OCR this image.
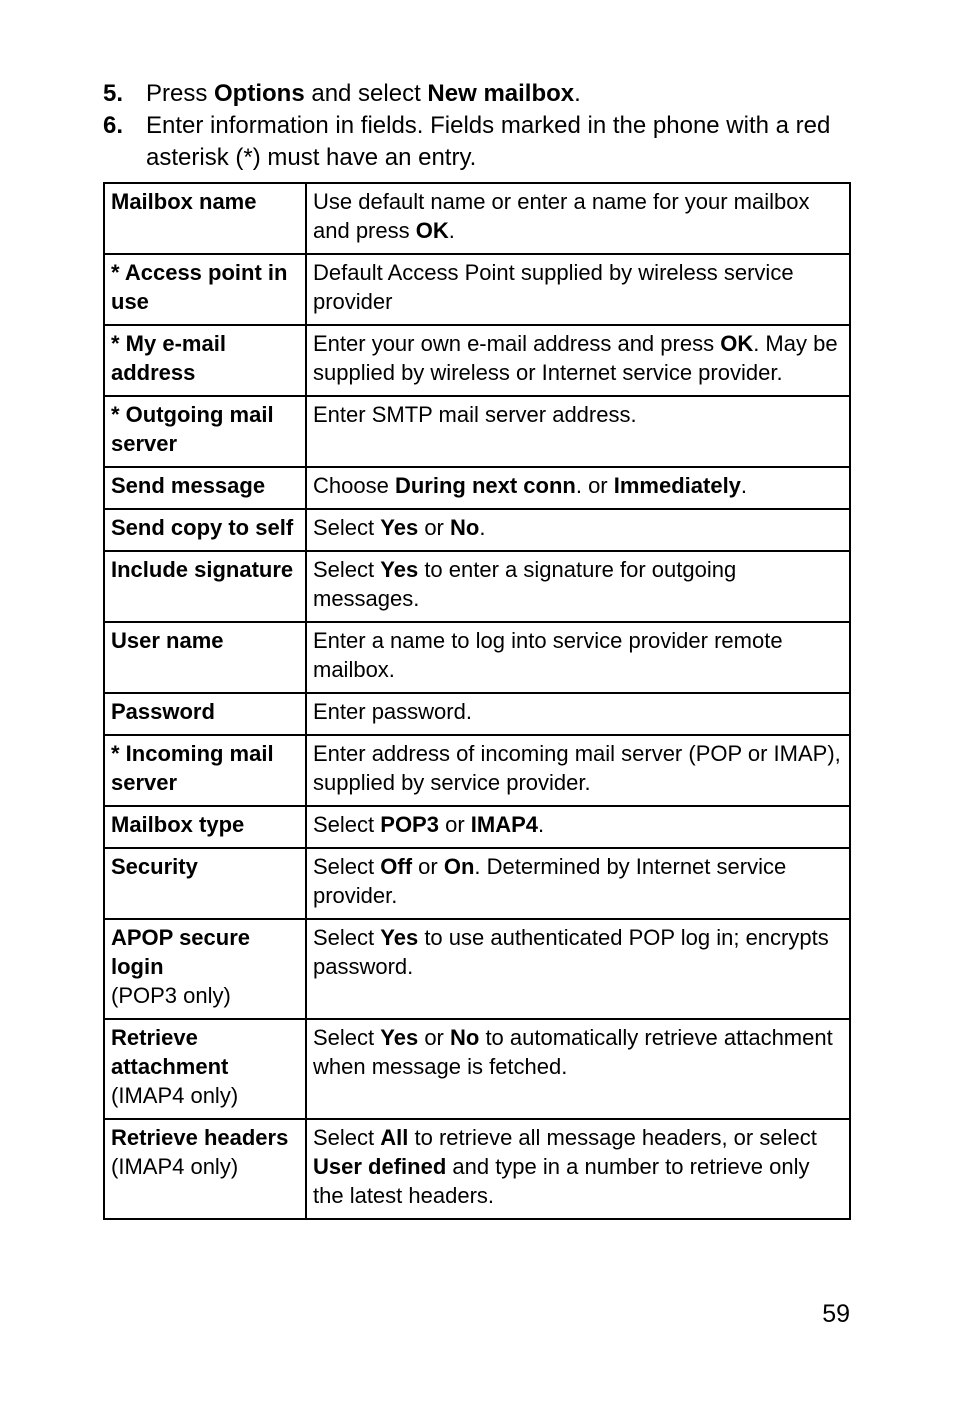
5. Press Options and select New mailbox.
6. Enter information in fields. Fields marked in the phone with a red asterisk (*) must have an entry.
Mailbox name	Use default name or enter a name for your mailbox and press OK.

* Access point in use	Default Access Point supplied by wireless service provider

* My e-mail address	Enter your own e-mail address and press OK. May be supplied by wireless or Internet service provider.

* Outgoing mail server	Enter SMTP mail server address.

Send message	Choose During next conn. or Immediately.

Send copy to self	Select Yes or No.

Include signature	Select Yes to enter a signature for outgoing messages.

User name	Enter a name to log into service provider remote mailbox.

Password	Enter password.

* Incoming mail server	Enter address of incoming mail server (POP or IMAP), supplied by service provider.

Mailbox type	Select POP3 or IMAP4.

Security	Select Off or On. Determined by Internet service provider.

APOP secure login
(POP3 only)	Select Yes to use authenticated POP log in; encrypts password.

Retrieve attachment
(IMAP4 only)	Select Yes or No to automatically retrieve attachment when message is fetched.

Retrieve headers
(IMAP4 only)	Select All to retrieve all message headers, or select User defined and type in a number to retrieve only the latest headers.
59
